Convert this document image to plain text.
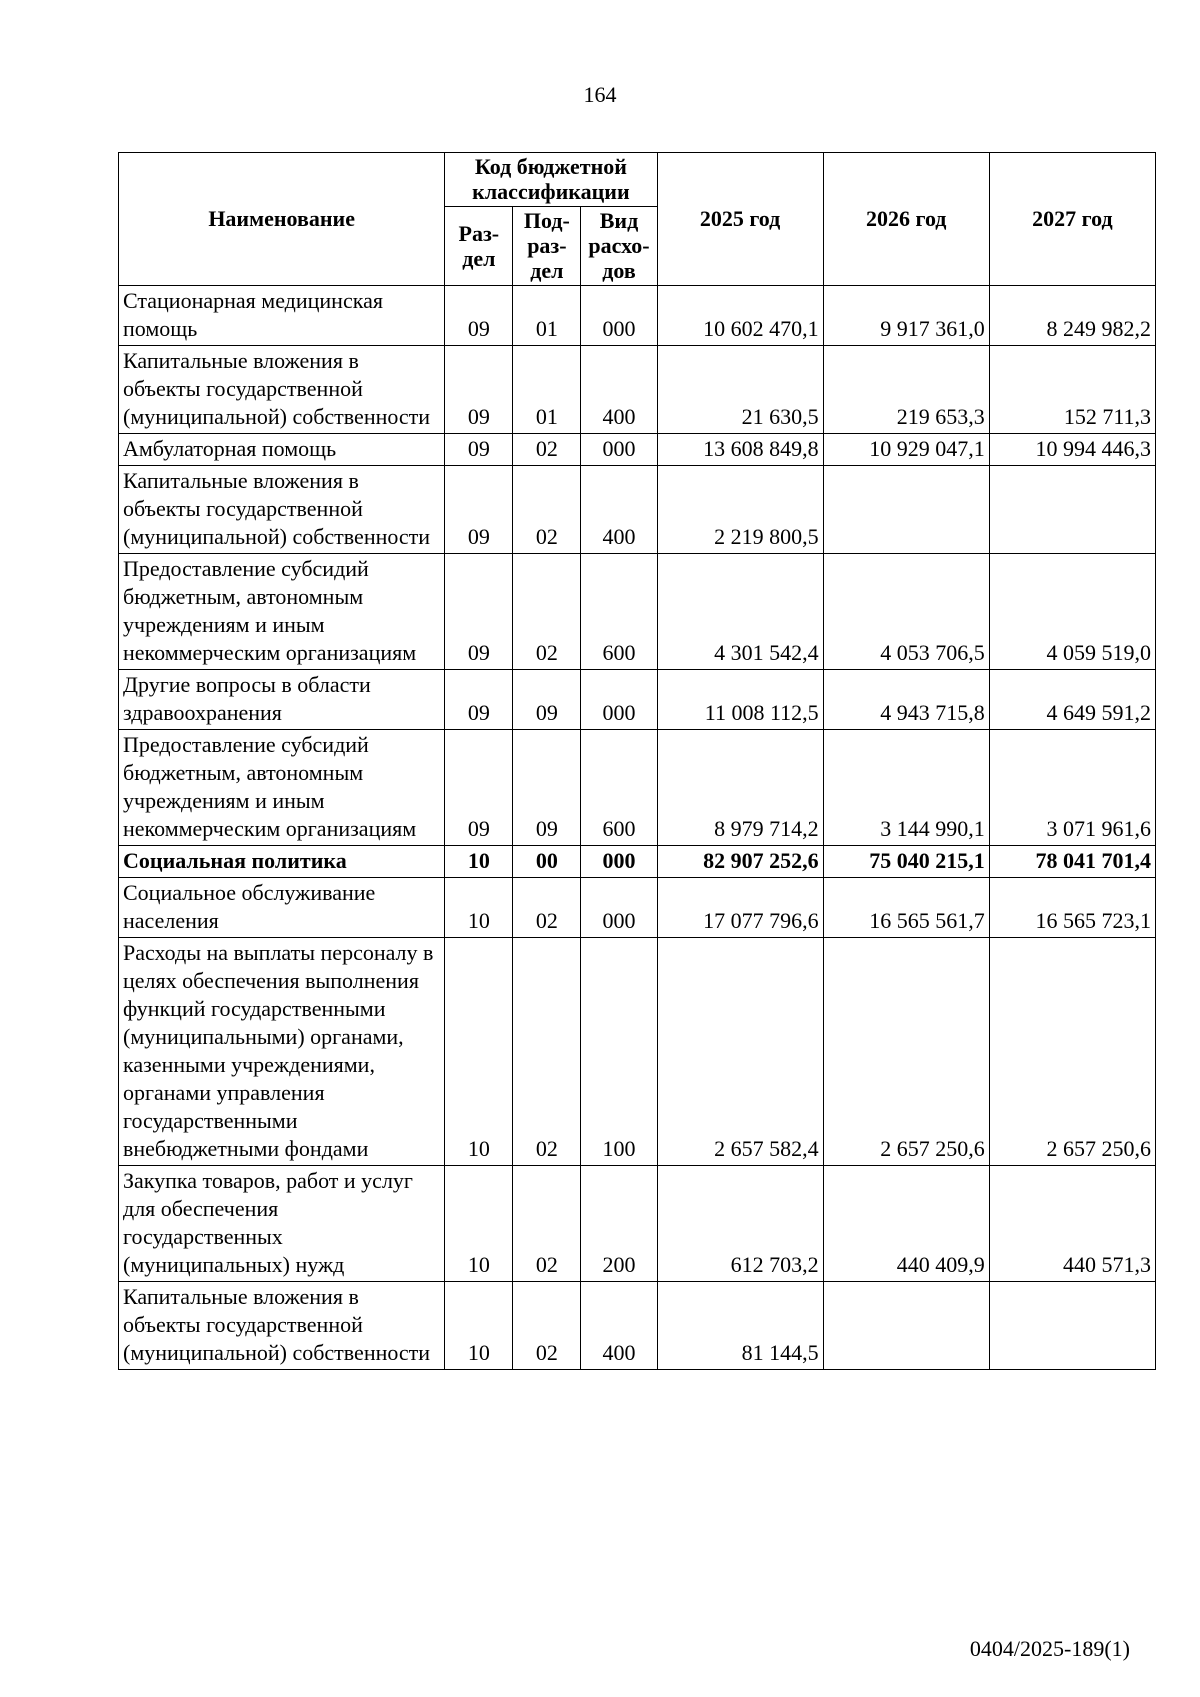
164
Наименование	Код бюджетной классификации			2025 год	2026 год	2027 год
	Раз-дел	Под-раз-дел	Вид расхо-дов			
Стационарная медицинская помощь	09	01	000	10 602 470,1	9 917 361,0	8 249 982,2
Капитальные вложения в объекты государственной (муниципальной) собственности	09	01	400	21 630,5	219 653,3	152 711,3
Амбулаторная помощь	09	02	000	13 608 849,8	10 929 047,1	10 994 446,3
Капитальные вложения в объекты государственной (муниципальной) собственности	09	02	400	2 219 800,5		
Предоставление субсидий бюджетным, автономным учреждениям и иным некоммерческим организациям	09	02	600	4 301 542,4	4 053 706,5	4 059 519,0
Другие вопросы в области здравоохранения	09	09	000	11 008 112,5	4 943 715,8	4 649 591,2
Предоставление субсидий бюджетным, автономным учреждениям и иным некоммерческим организациям	09	09	600	8 979 714,2	3 144 990,1	3 071 961,6
Социальная политика	10	00	000	82 907 252,6	75 040 215,1	78 041 701,4
Социальное обслуживание населения	10	02	000	17 077 796,6	16 565 561,7	16 565 723,1
Расходы на выплаты персоналу в целях обеспечения выполнения функций государственными (муниципальными) органами, казенными учреждениями, органами управления государственными внебюджетными фондами	10	02	100	2 657 582,4	2 657 250,6	2 657 250,6
Закупка товаров, работ и услуг для обеспечения государственных (муниципальных) нужд	10	02	200	612 703,2	440 409,9	440 571,3
Капитальные вложения в объекты государственной (муниципальной) собственности	10	02	400	81 144,5		
0404/2025-189(1)
